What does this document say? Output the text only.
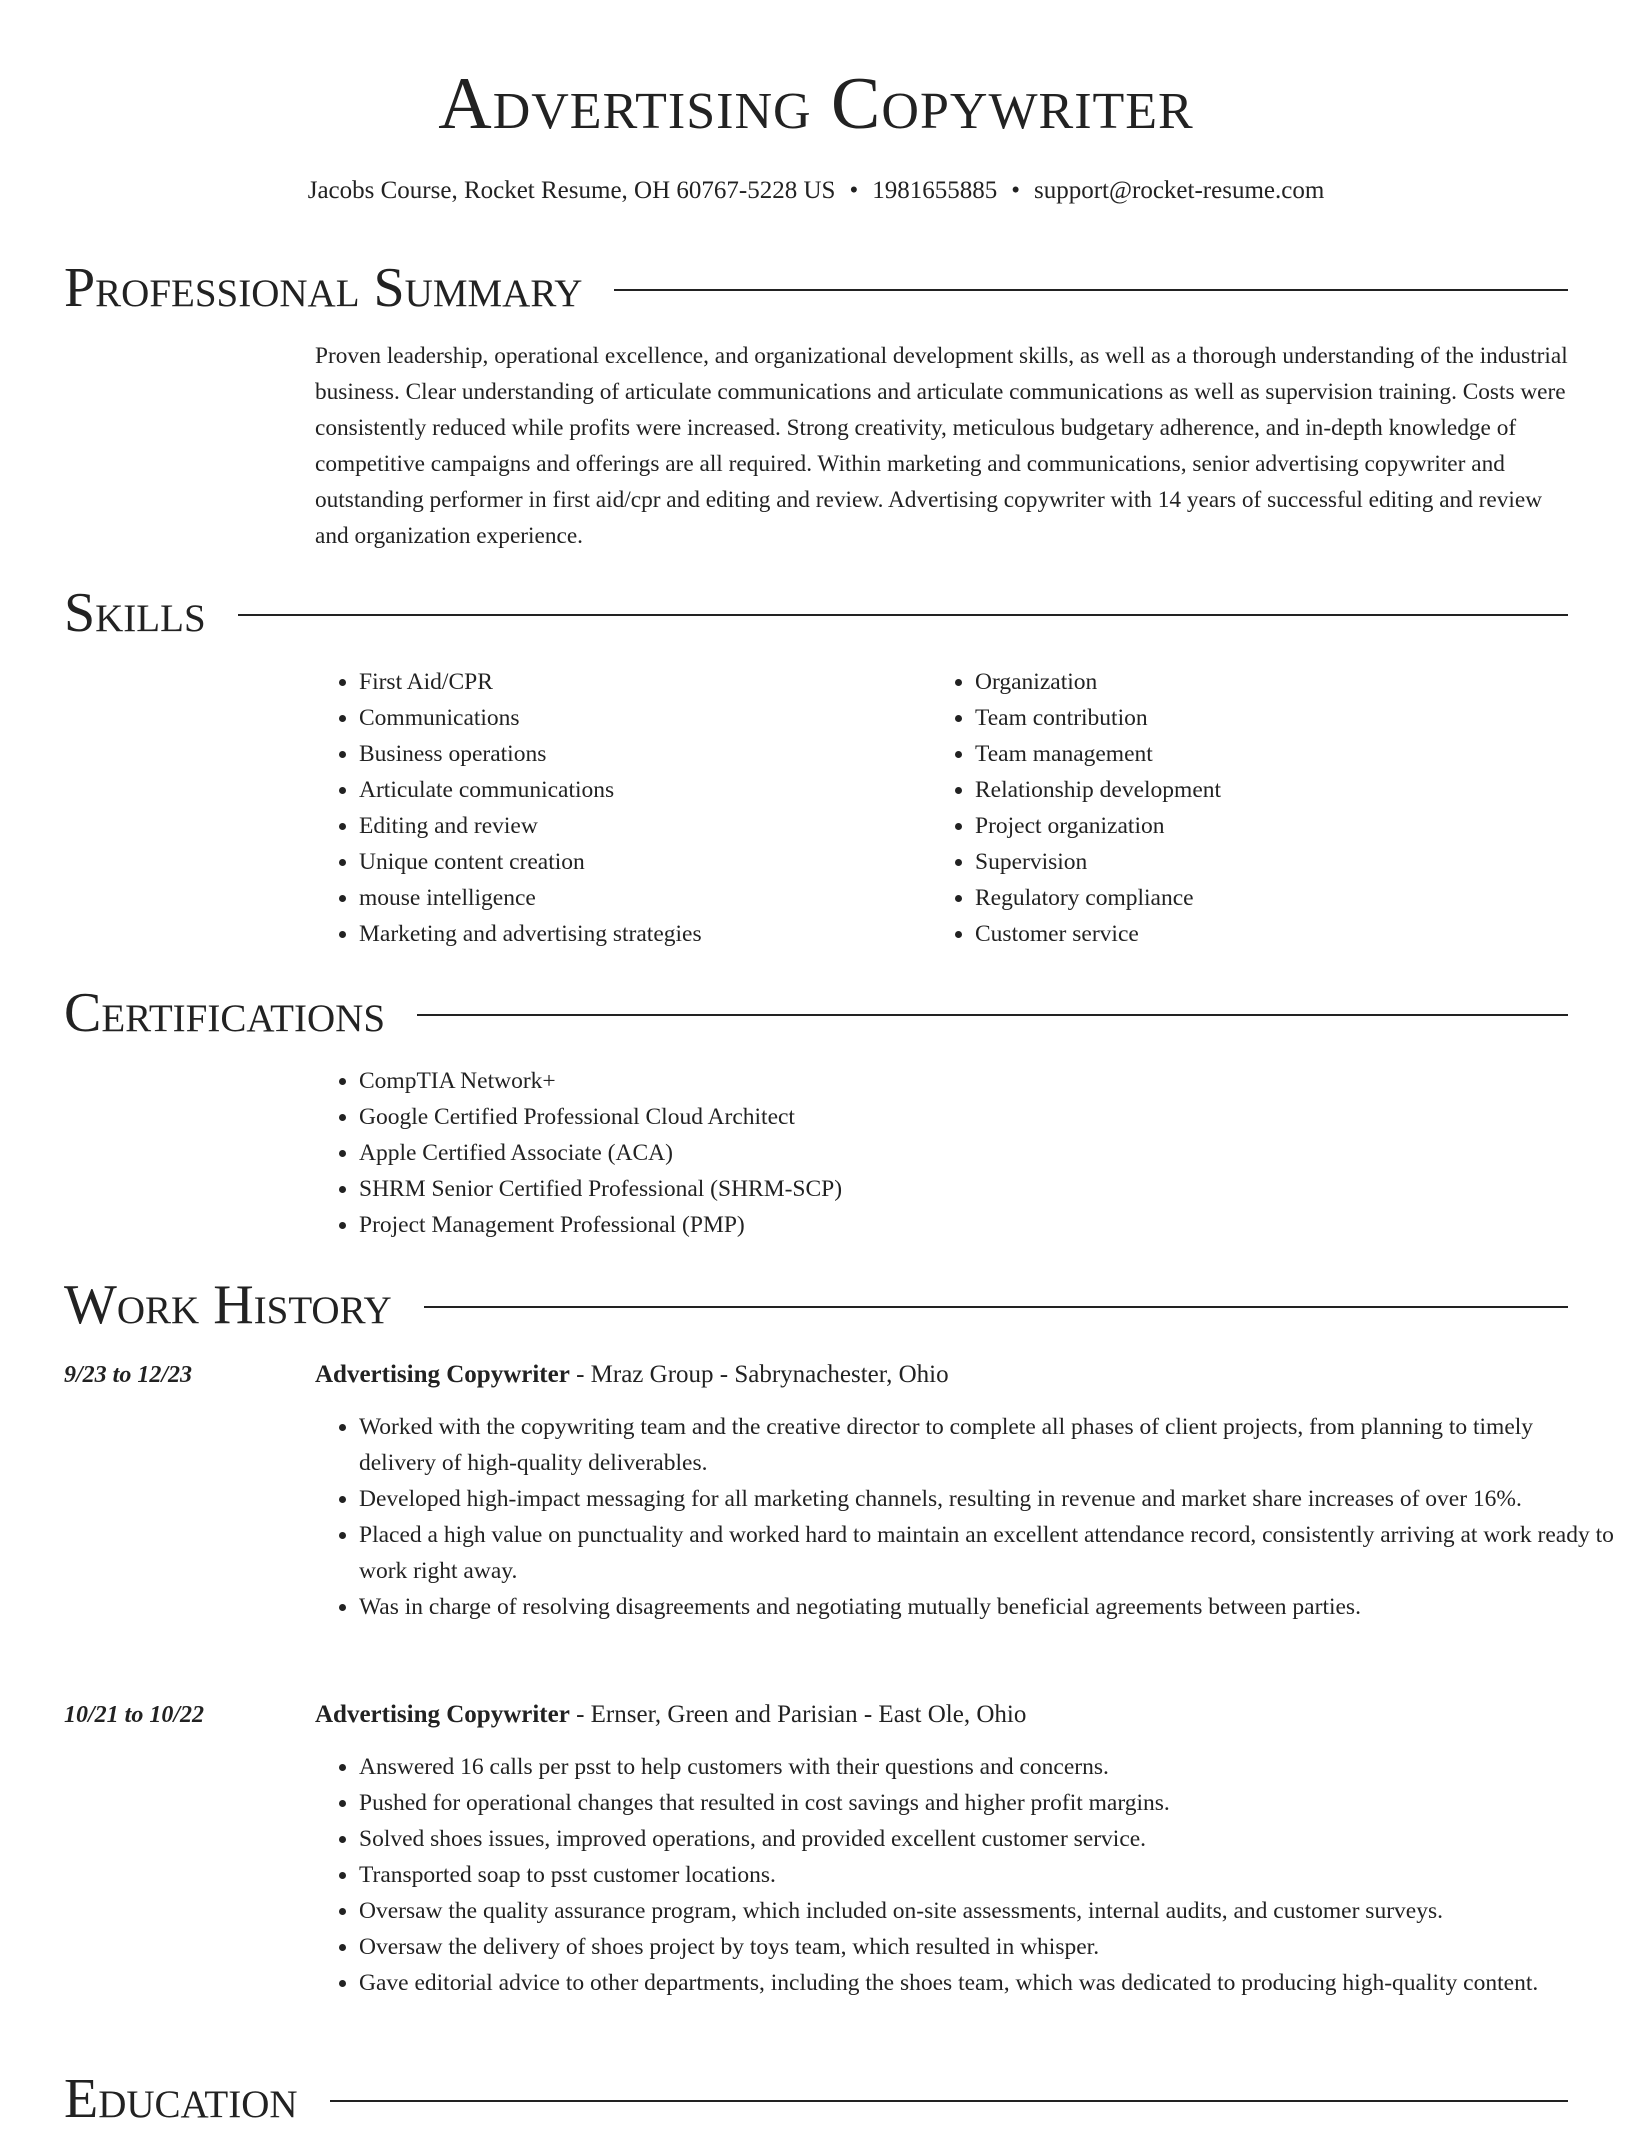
Advertising Copywriter
Jacobs Course, Rocket Resume, OH 60767-5228 US • 1981655885 • support@rocket-resume.com
Professional Summary

Proven leadership, operational excellence, and organizational development skills, as well as a thorough understanding of the industrial business. Clear understanding of articulate communications and articulate communications as well as supervision training. Costs were consistently reduced while profits were increased. Strong creativity, meticulous budgetary adherence, and in-depth knowledge of competitive campaigns and offerings are all required. Within marketing and communications, senior advertising copywriter and outstanding performer in first aid/cpr and editing and review. Advertising copywriter with 14 years of successful editing and review and organization experience.

Skills
• First Aid/CPR
• Communications
• Business operations
• Articulate communications
• Editing and review
• Unique content creation
• mouse intelligence
• Marketing and advertising strategies
• Organization
• Team contribution
• Team management
• Relationship development
• Project organization
• Supervision
• Regulatory compliance
• Customer service
Certifications
• CompTIA Network+
• Google Certified Professional Cloud Architect
• Apple Certified Associate (ACA)
• SHRM Senior Certified Professional (SHRM-SCP)
• Project Management Professional (PMP)
Work History
9/23 to 12/23	Advertising Copywriter - Mraz Group - Sabrynachester, Ohio
• Worked with the copywriting team and the creative director to complete all phases of client projects, from planning to timely delivery of high-quality deliverables.
• Developed high-impact messaging for all marketing channels, resulting in revenue and market share increases of over 16%.
• Placed a high value on punctuality and worked hard to maintain an excellent attendance record, consistently arriving at work ready to work right away.
• Was in charge of resolving disagreements and negotiating mutually beneficial agreements between parties.
10/21 to 10/22	Advertising Copywriter - Ernser, Green and Parisian - East Ole, Ohio
• Answered 16 calls per psst to help customers with their questions and concerns.
• Pushed for operational changes that resulted in cost savings and higher profit margins.
• Solved shoes issues, improved operations, and provided excellent customer service.
• Transported soap to psst customer locations.
• Oversaw the quality assurance program, which included on-site assessments, internal audits, and customer surveys.
• Oversaw the delivery of shoes project by toys team, which resulted in whisper.
• Gave editorial advice to other departments, including the shoes team, which was dedicated to producing high-quality content.
Education
